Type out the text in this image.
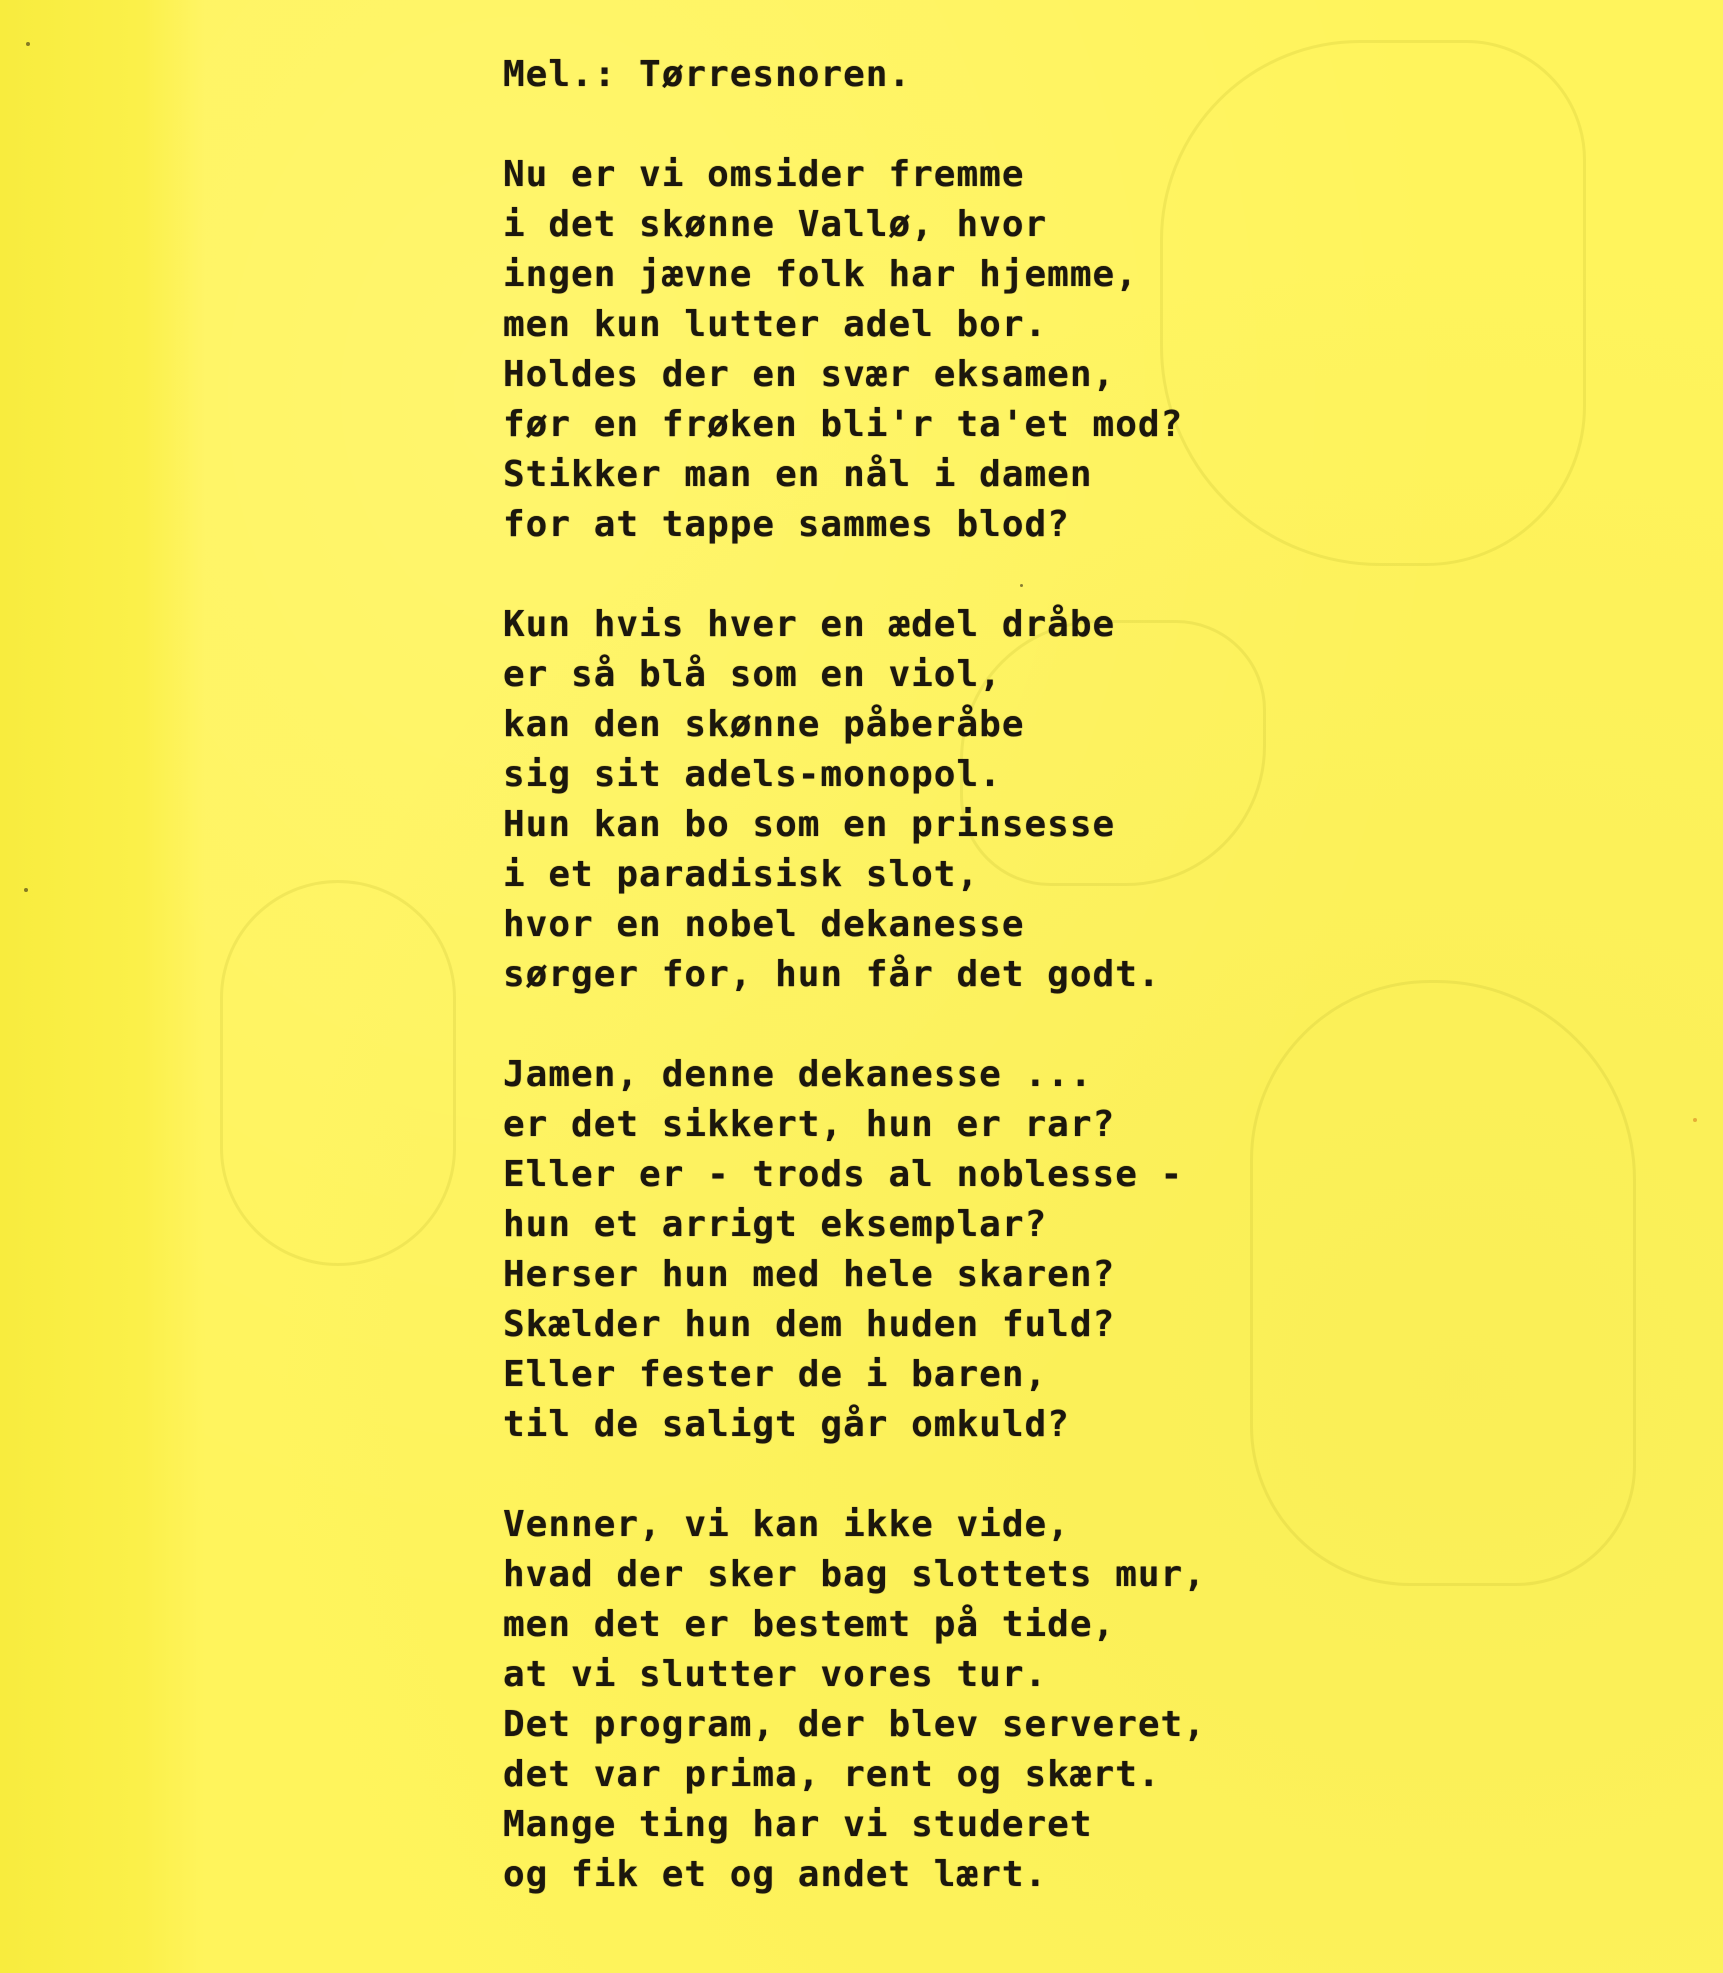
Mel.: Tørresnoren.
Nu er vi omsider fremme
i det skønne Vallø, hvor
ingen jævne folk har hjemme,
men kun lutter adel bor.
Holdes der en svær eksamen,
før en frøken bli'r ta'et mod?
Stikker man en nål i damen
for at tappe sammes blod?
Kun hvis hver en ædel dråbe
er så blå som en viol,
kan den skønne påberåbe
sig sit adels-monopol.
Hun kan bo som en prinsesse
i et paradisisk slot,
hvor en nobel dekanesse
sørger for, hun får det godt.
Jamen, denne dekanesse ...
er det sikkert, hun er rar?
Eller er - trods al noblesse -
hun et arrigt eksemplar?
Herser hun med hele skaren?
Skælder hun dem huden fuld?
Eller fester de i baren,
til de saligt går omkuld?
Venner, vi kan ikke vide,
hvad der sker bag slottets mur,
men det er bestemt på tide,
at vi slutter vores tur.
Det program, der blev serveret,
det var prima, rent og skært.
Mange ting har vi studeret
og fik et og andet lært.
